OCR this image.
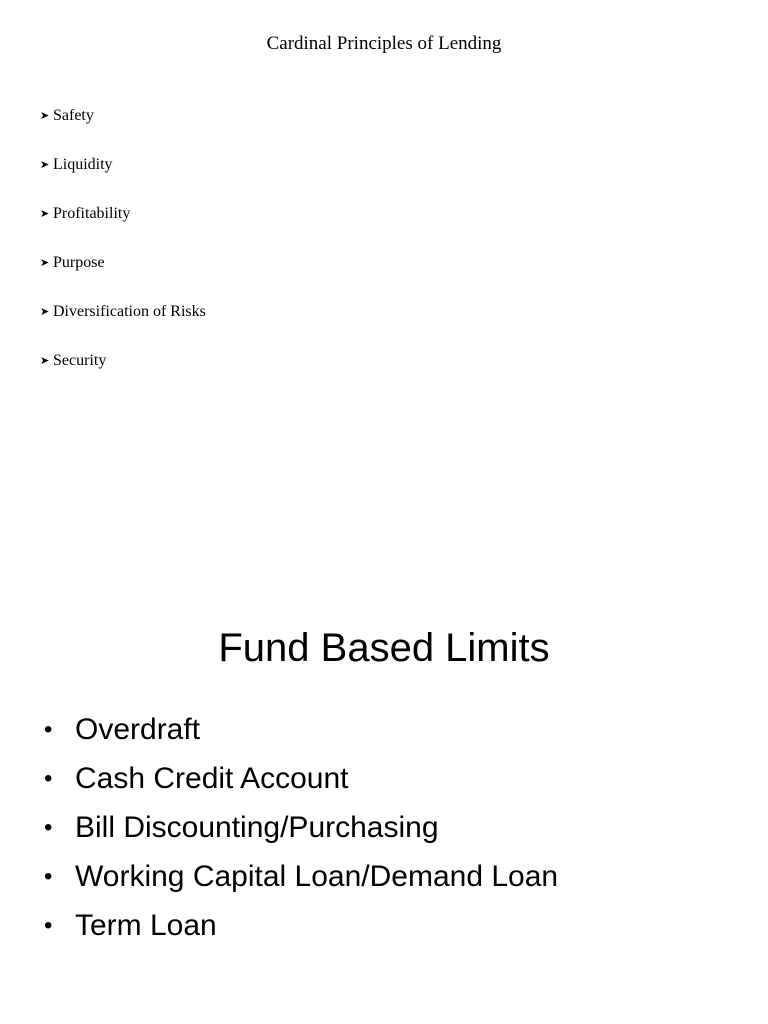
Cardinal Principles of Lending
➤ Safety
➤ Liquidity
➤ Profitability
➤ Purpose
➤ Diversification of Risks
➤ Security
Fund Based Limits
• Overdraft
• Cash Credit Account
• Bill Discounting/Purchasing
• Working Capital Loan/Demand Loan
• Term Loan
